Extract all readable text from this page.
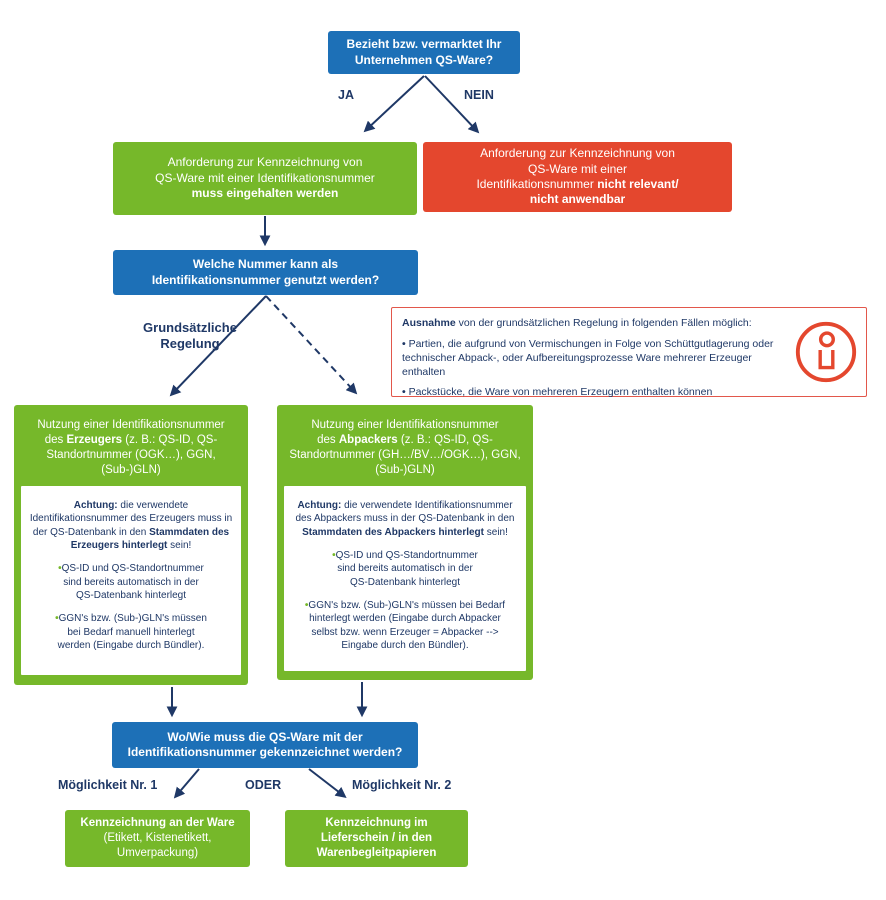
Bezieht bzw. vermarktet Ihr
Unternehmen QS-Ware?
JA	NEIN
Anforderung zur Kennzeichnung von
QS-Ware mit einer Identifikationsnummer
muss eingehalten werden
Anforderung zur Kennzeichnung von
QS-Ware mit einer
Identifikationsnummer nicht relevant/
nicht anwendbar
Welche Nummer kann als
Identifikationsnummer genutzt werden?
Grundsätzliche
Regelung

Ausnahme von der grundsätzlichen Regelung in folgenden Fällen möglich:

• Partien, die aufgrund von Vermischungen in Folge von Schüttgutlagerung oder technischer Abpack-, oder Aufbereitungsprozesse Ware mehrerer Erzeuger enthalten
• Packstücke, die Ware von mehreren Erzeugern enthalten können
Nutzung einer Identifikationsnummer
des Erzeugers (z. B.: QS-ID, QS-Standortnummer (OGK…), GGN, (Sub-)GLN)

Achtung: die verwendete Identifikationsnummer des Erzeugers muss in der QS-Datenbank in den Stammdaten des Erzeugers hinterlegt sein!

• QS-ID und QS-Standortnummer sind bereits automatisch in der QS-Datenbank hinterlegt
• GGN's bzw. (Sub-)GLN's müssen bei Bedarf manuell hinterlegt werden (Eingabe durch Bündler).
Nutzung einer Identifikationsnummer
des Abpackers (z. B.: QS-ID, QS-Standortnummer (GH…/BV…/OGK…), GGN, (Sub-)GLN)

Achtung: die verwendete Identifikationsnummer des Abpackers muss in der QS-Datenbank in den Stammdaten des Abpackers hinterlegt sein!

• QS-ID und QS-Standortnummer sind bereits automatisch in der QS-Datenbank hinterlegt
• GGN's bzw. (Sub-)GLN's müssen bei Bedarf hinterlegt werden (Eingabe durch Abpacker selbst bzw. wenn Erzeuger = Abpacker --> Eingabe durch den Bündler).
Wo/Wie muss die QS-Ware mit der
Identifikationsnummer gekennzeichnet werden?
Möglichkeit Nr. 1	ODER	Möglichkeit Nr. 2
Kennzeichnung an der Ware
(Etikett, Kistenetikett, Umverpackung)
Kennzeichnung im Lieferschein / in den Warenbegleitpapieren
